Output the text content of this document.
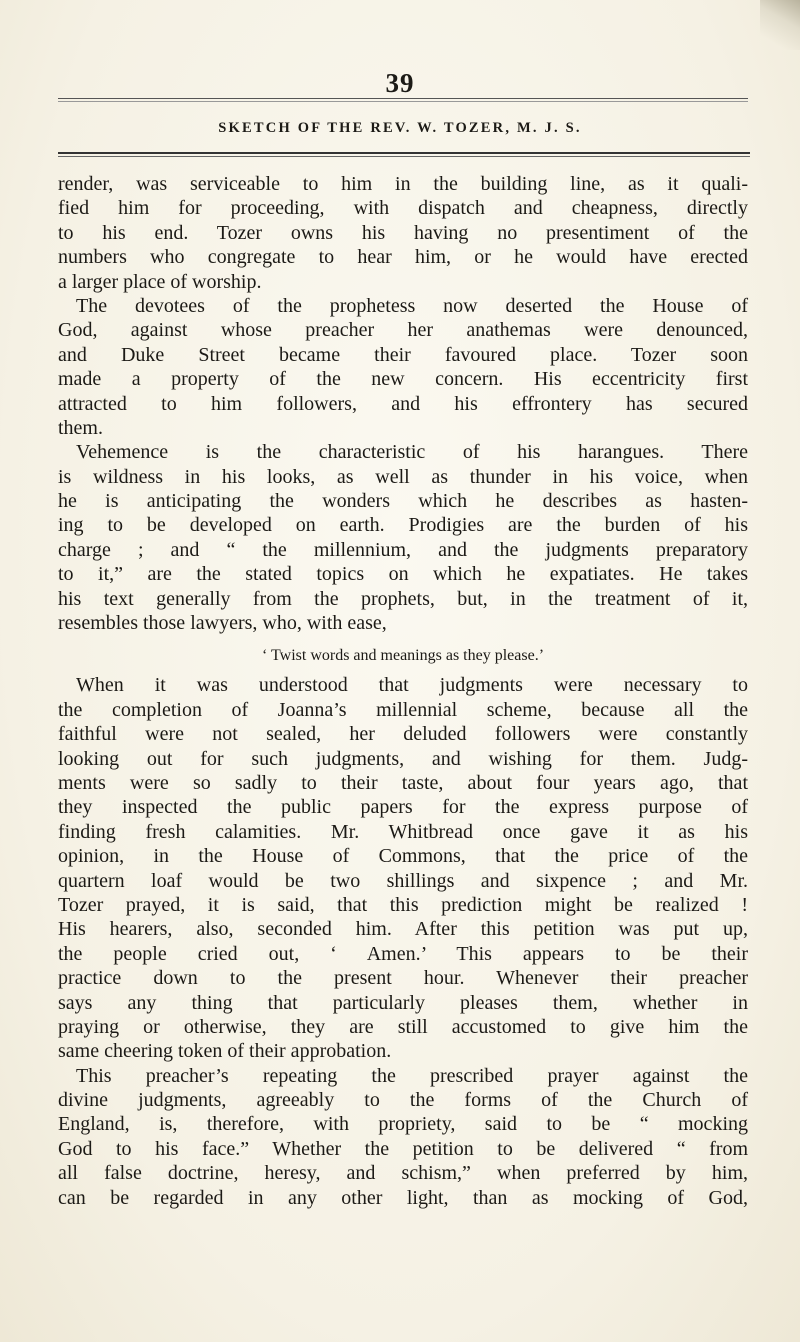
39
SKETCH OF THE REV. W. TOZER, M. J. S.
render, was serviceable to him in the building line, as it quali-
fied him for proceeding, with dispatch and cheapness, directly
to his end. Tozer owns his having no presentiment of the
numbers who congregate to hear him, or he would have erected
a larger place of worship.
The devotees of the prophetess now deserted the House of
God, against whose preacher her anathemas were denounced,
and Duke Street became their favoured place. Tozer soon
made a property of the new concern. His eccentricity first
attracted to him followers, and his effrontery has secured
them.
Vehemence is the characteristic of his harangues. There
is wildness in his looks, as well as thunder in his voice, when
he is anticipating the wonders which he describes as hasten-
ing to be developed on earth. Prodigies are the burden of his
charge ; and “ the millennium, and the judgments preparatory
to it,” are the stated topics on which he expatiates. He takes
his text generally from the prophets, but, in the treatment of it,
resembles those lawyers, who, with ease,
‘ Twist words and meanings as they please.’
When it was understood that judgments were necessary to
the completion of Joanna’s millennial scheme, because all the
faithful were not sealed, her deluded followers were constantly
looking out for such judgments, and wishing for them. Judg-
ments were so sadly to their taste, about four years ago, that
they inspected the public papers for the express purpose of
finding fresh calamities. Mr. Whitbread once gave it as his
opinion, in the House of Commons, that the price of the
quartern loaf would be two shillings and sixpence ; and Mr.
Tozer prayed, it is said, that this prediction might be realized !
His hearers, also, seconded him. After this petition was put up,
the people cried out, ‘ Amen.’ This appears to be their
practice down to the present hour. Whenever their preacher
says any thing that particularly pleases them, whether in
praying or otherwise, they are still accustomed to give him the
same cheering token of their approbation.
This preacher’s repeating the prescribed prayer against the
divine judgments, agreeably to the forms of the Church of
England, is, therefore, with propriety, said to be “ mocking
God to his face.” Whether the petition to be delivered “ from
all false doctrine, heresy, and schism,” when preferred by him,
can be regarded in any other light, than as mocking of God,
